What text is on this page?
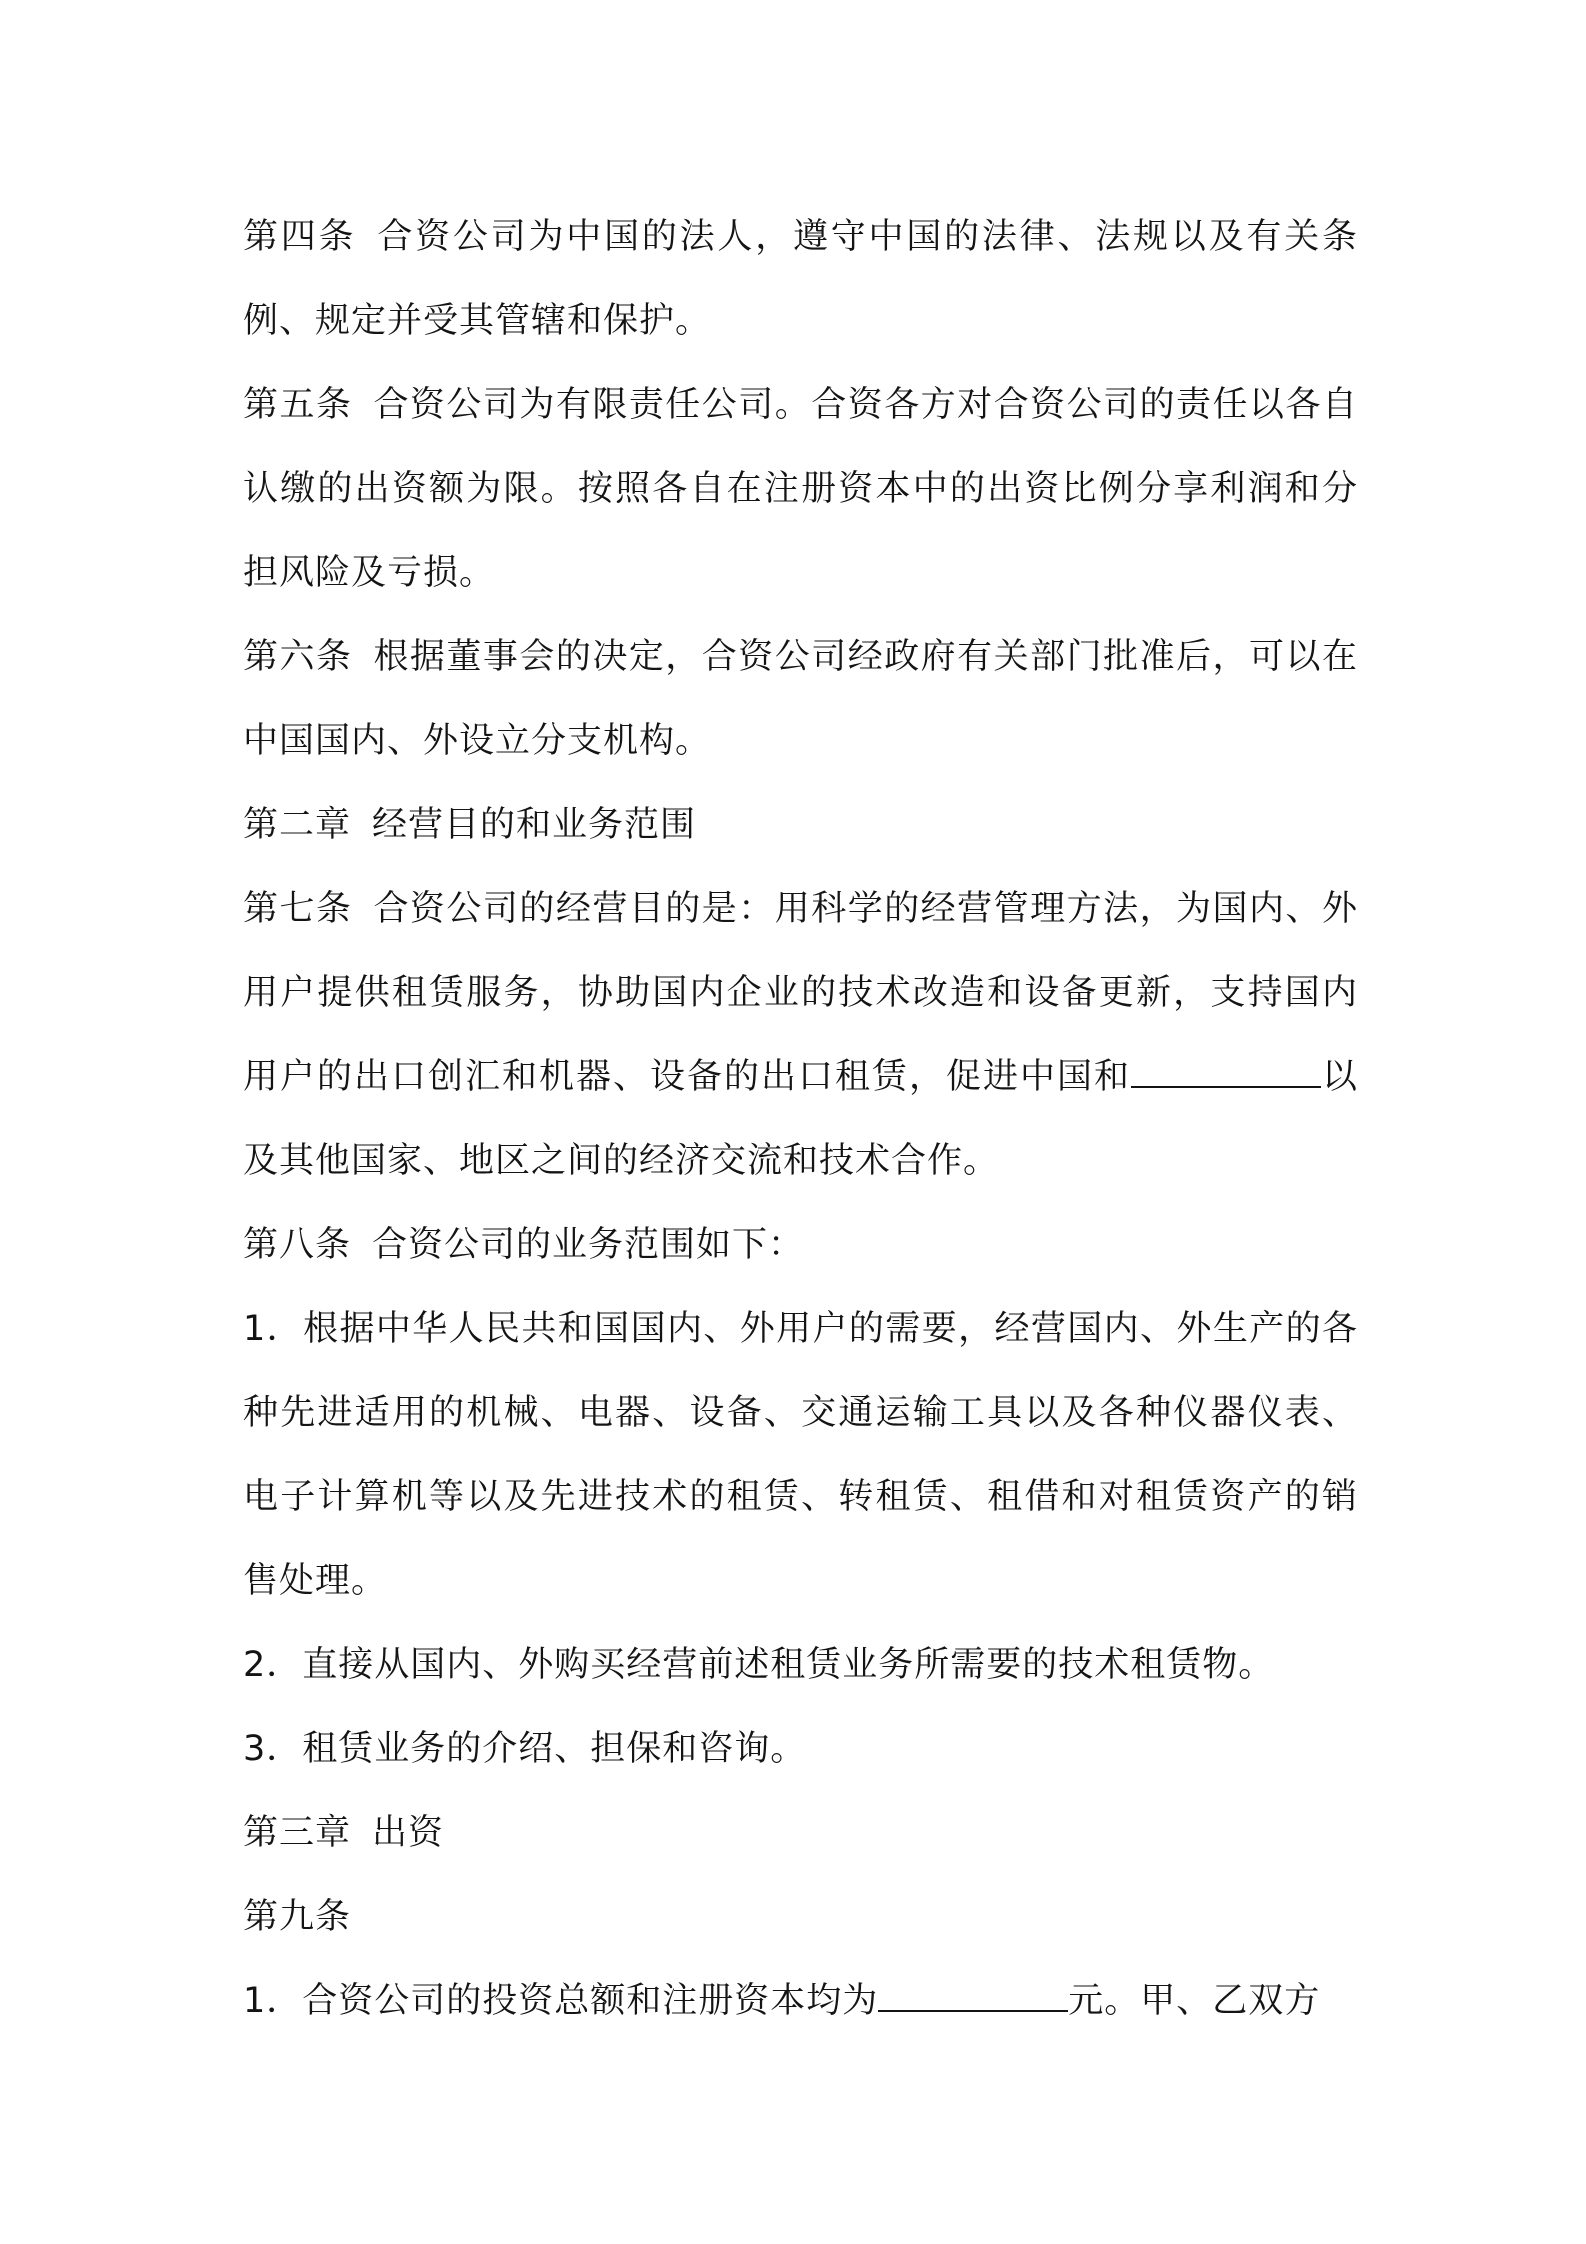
第四条 合资公司为中国的法人，遵守中国的法律、法规以及有关条例、规定并受其管辖和保护。

第五条 合资公司为有限责任公司。合资各方对合资公司的责任以各自认缴的出资额为限。按照各自在注册资本中的出资比例分享利润和分担风险及亏损。

第六条 根据董事会的决定，合资公司经政府有关部门批准后，可以在中国国内、外设立分支机构。

第二章 经营目的和业务范围

第七条 合资公司的经营目的是：用科学的经营管理方法，为国内、外用户提供租赁服务，协助国内企业的技术改造和设备更新，支持国内用户的出口创汇和机器、设备的出口租赁，促进中国和	以及其他国家、地区之间的经济交流和技术合作。

第八条 合资公司的业务范围如下：

1．根据中华人民共和国国内、外用户的需要，经营国内、外生产的各种先进适用的机械、电器、设备、交通运输工具以及各种仪器仪表、电子计算机等以及先进技术的租赁、转租赁、租借和对租赁资产的销售处理。

2．直接从国内、外购买经营前述租赁业务所需要的技术租赁物。

3．租赁业务的介绍、担保和咨询。

第三章 出资

第九条

1．合资公司的投资总额和注册资本均为	元。甲、乙双方
